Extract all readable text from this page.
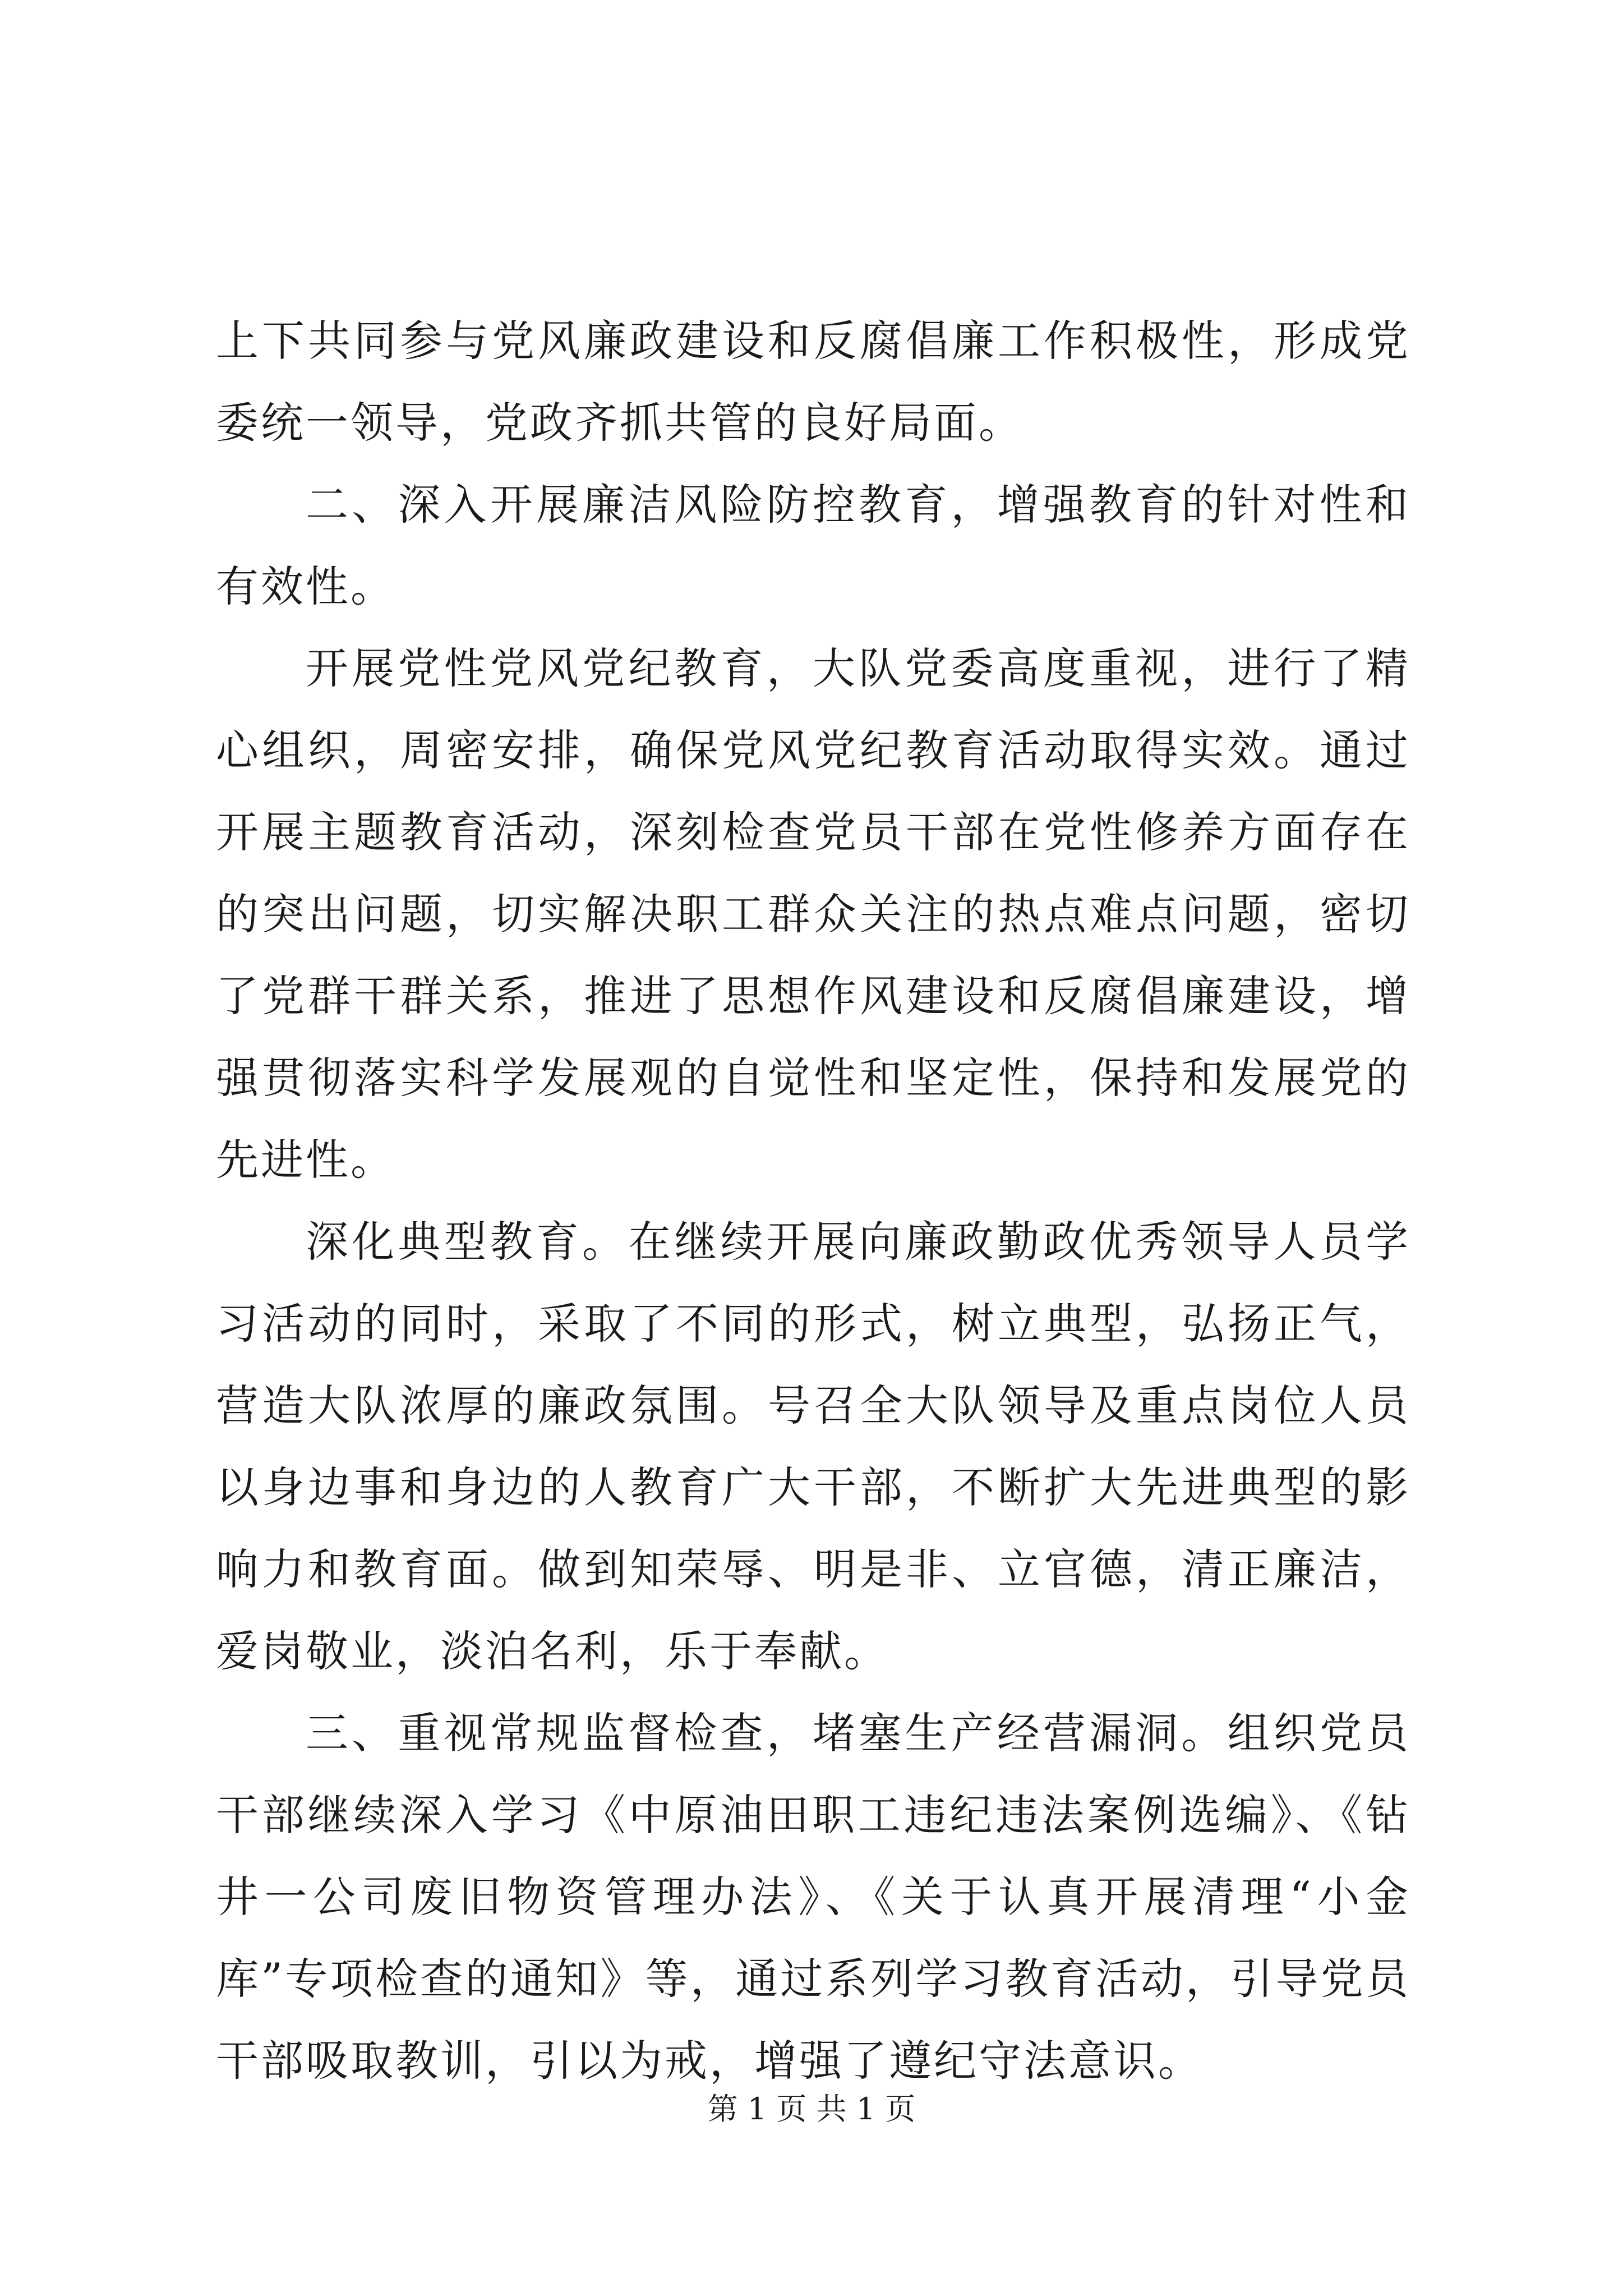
上下共同参与党风廉政建设和反腐倡廉工作积极性，形成党委统一领导，党政齐抓共管的良好局面。

二、深入开展廉洁风险防控教育，增强教育的针对性和有效性。

开展党性党风党纪教育，大队党委高度重视，进行了精心组织，周密安排，确保党风党纪教育活动取得实效。通过开展主题教育活动，深刻检查党员干部在党性修养方面存在的突出问题，切实解决职工群众关注的热点难点问题，密切了党群干群关系，推进了思想作风建设和反腐倡廉建设，增强贯彻落实科学发展观的自觉性和坚定性，保持和发展党的先进性。

深化典型教育。在继续开展向廉政勤政优秀领导人员学习活动的同时，采取了不同的形式，树立典型，弘扬正气，营造大队浓厚的廉政氛围。号召全大队领导及重点岗位人员以身边事和身边的人教育广大干部，不断扩大先进典型的影响力和教育面。做到知荣辱、明是非、立官德，清正廉洁，爱岗敬业，淡泊名利，乐于奉献。

三、重视常规监督检查，堵塞生产经营漏洞。组织党员干部继续深入学习《中原油田职工违纪违法案例选编》、《钻井一公司废旧物资管理办法》、《关于认真开展清理“小金库”专项检查的通知》等，通过系列学习教育活动，引导党员干部吸取教训，引以为戒，增强了遵纪守法意识。

第 1 页 共 1 页
